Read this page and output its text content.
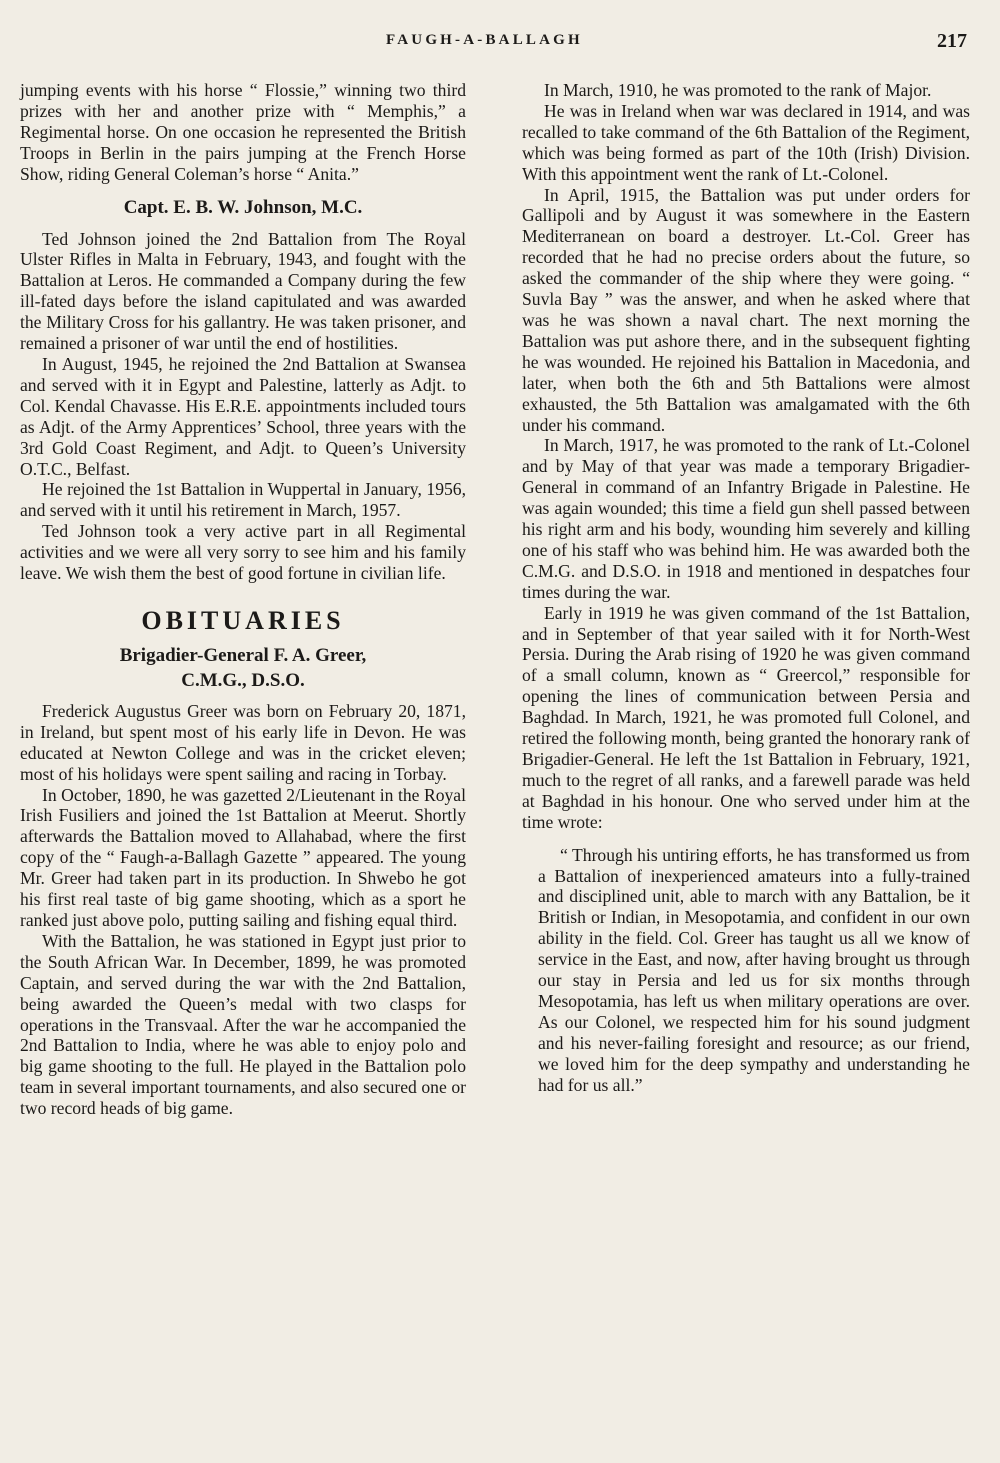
FAUGH-A-BALLAGH	217

jumping events with his horse “ Flossie,” winning two third prizes with her and another prize with “ Memphis,” a Regimental horse. On one occasion he represented the British Troops in Berlin in the pairs jumping at the French Horse Show, riding General Coleman’s horse “ Anita.”

Capt. E. B. W. Johnson, M.C.

Ted Johnson joined the 2nd Battalion from The Royal Ulster Rifles in Malta in February, 1943, and fought with the Battalion at Leros. He commanded a Company during the few ill-fated days before the island capitulated and was awarded the Military Cross for his gallantry. He was taken prisoner, and remained a prisoner of war until the end of hostilities.

In August, 1945, he rejoined the 2nd Battalion at Swansea and served with it in Egypt and Palestine, latterly as Adjt. to Col. Kendal Chavasse. His E.R.E. appointments included tours as Adjt. of the Army Apprentices’ School, three years with the 3rd Gold Coast Regiment, and Adjt. to Queen’s University O.T.C., Belfast.

He rejoined the 1st Battalion in Wuppertal in January, 1956, and served with it until his retirement in March, 1957.

Ted Johnson took a very active part in all Regimental activities and we were all very sorry to see him and his family leave. We wish them the best of good fortune in civilian life.

OBITUARIES
Brigadier-General F. A. Greer,
C.M.G., D.S.O.

Frederick Augustus Greer was born on February 20, 1871, in Ireland, but spent most of his early life in Devon. He was educated at Newton College and was in the cricket eleven; most of his holidays were spent sailing and racing in Torbay.

In October, 1890, he was gazetted 2/Lieutenant in the Royal Irish Fusiliers and joined the 1st Battalion at Meerut. Shortly afterwards the Battalion moved to Allahabad, where the first copy of the “ Faugh-a-Ballagh Gazette ” appeared. The young Mr. Greer had taken part in its production. In Shwebo he got his first real taste of big game shooting, which as a sport he ranked just above polo, putting sailing and fishing equal third.

With the Battalion, he was stationed in Egypt just prior to the South African War. In December, 1899, he was promoted Captain, and served during the war with the 2nd Battalion, being awarded the Queen’s medal with two clasps for operations in the Transvaal. After the war he accompanied the 2nd Battalion to India, where he was able to enjoy polo and big game shooting to the full. He played in the Battalion polo team in several important tournaments, and also secured one or two record heads of big game.

In March, 1910, he was promoted to the rank of Major.

He was in Ireland when war was declared in 1914, and was recalled to take command of the 6th Battalion of the Regiment, which was being formed as part of the 10th (Irish) Division. With this appointment went the rank of Lt.-Colonel.

In April, 1915, the Battalion was put under orders for Gallipoli and by August it was somewhere in the Eastern Mediterranean on board a destroyer. Lt.-Col. Greer has recorded that he had no precise orders about the future, so asked the commander of the ship where they were going. “ Suvla Bay ” was the answer, and when he asked where that was he was shown a naval chart. The next morning the Battalion was put ashore there, and in the subsequent fighting he was wounded. He rejoined his Battalion in Macedonia, and later, when both the 6th and 5th Battalions were almost exhausted, the 5th Battalion was amalgamated with the 6th under his command.

In March, 1917, he was promoted to the rank of Lt.-Colonel and by May of that year was made a temporary Brigadier-General in command of an Infantry Brigade in Palestine. He was again wounded; this time a field gun shell passed between his right arm and his body, wounding him severely and killing one of his staff who was behind him. He was awarded both the C.M.G. and D.S.O. in 1918 and mentioned in despatches four times during the war.

Early in 1919 he was given command of the 1st Battalion, and in September of that year sailed with it for North-West Persia. During the Arab rising of 1920 he was given command of a small column, known as “ Greercol,” responsible for opening the lines of communication between Persia and Baghdad. In March, 1921, he was promoted full Colonel, and retired the following month, being granted the honorary rank of Brigadier-General. He left the 1st Battalion in February, 1921, much to the regret of all ranks, and a farewell parade was held at Baghdad in his honour. One who served under him at the time wrote:

“ Through his untiring efforts, he has transformed us from a Battalion of inexperienced amateurs into a fully-trained and disciplined unit, able to march with any Battalion, be it British or Indian, in Mesopotamia, and confident in our own ability in the field. Col. Greer has taught us all we know of service in the East, and now, after having brought us through our stay in Persia and led us for six months through Mesopotamia, has left us when military operations are over. As our Colonel, we respected him for his sound judgment and his never-failing foresight and resource; as our friend, we loved him for the deep sympathy and understanding he had for us all.”
